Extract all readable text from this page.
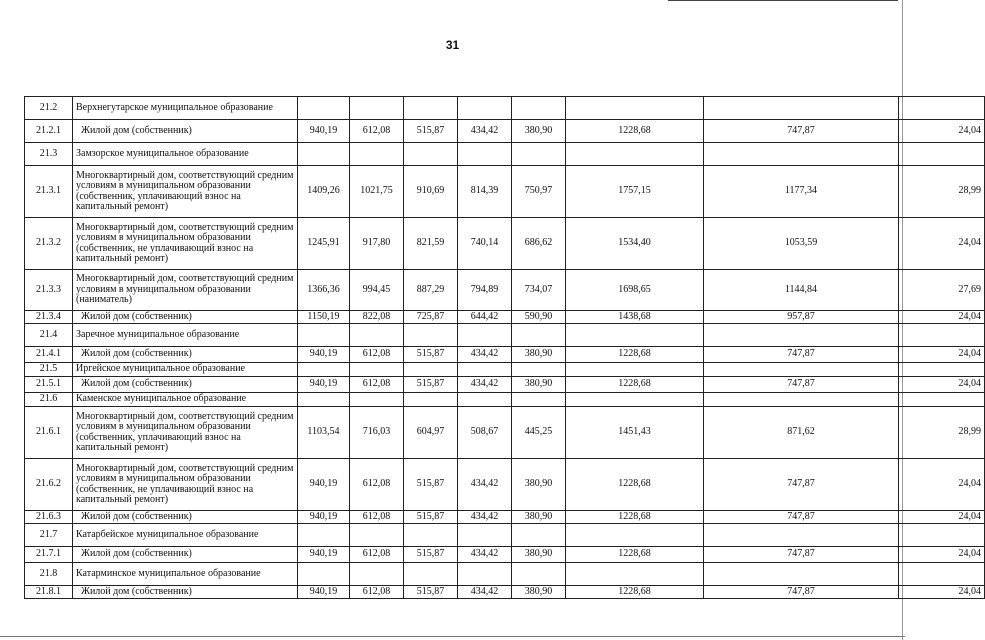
31
21.2	Верхнегутарское муниципальное образование								
21.2.1	Жилой дом (собственник)	940,19	612,08	515,87	434,42	380,90	1228,68	747,87	24,04
21.3	Замзорское муниципальное образование								
21.3.1	Многоквартирный дом, соответствующий средним условиям в муниципальном образовании (собственник, уплачивающий взнос на капитальный ремонт)	1409,26	1021,75	910,69	814,39	750,97	1757,15	1177,34	28,99
21.3.2	Многоквартирный дом, соответствующий средним условиям в муниципальном образовании (собственник, не уплачивающий взнос на капитальный ремонт)	1245,91	917,80	821,59	740,14	686,62	1534,40	1053,59	24,04
21.3.3	Многоквартирный дом, соответствующий средним условиям в муниципальном образовании (наниматель)	1366,36	994,45	887,29	794,89	734,07	1698,65	1144,84	27,69
21.3.4	Жилой дом (собственник)	1150,19	822,08	725,87	644,42	590,90	1438,68	957,87	24,04
21.4	Заречное муниципальное образование								
21.4.1	Жилой дом (собственник)	940,19	612,08	515,87	434,42	380,90	1228,68	747,87	24,04
21.5	Иргейское муниципальное образование								
21.5.1	Жилой дом (собственник)	940,19	612,08	515,87	434,42	380,90	1228,68	747,87	24,04
21.6	Каменское муниципальное образование								
21.6.1	Многоквартирный дом, соответствующий средним условиям в муниципальном образовании (собственник, уплачивающий взнос на капитальный ремонт)	1103,54	716,03	604,97	508,67	445,25	1451,43	871,62	28,99
21.6.2	Многоквартирный дом, соответствующий средним условиям в муниципальном образовании (собственник, не уплачивающий взнос на капитальный ремонт)	940,19	612,08	515,87	434,42	380,90	1228,68	747,87	24,04
21.6.3	Жилой дом (собственник)	940,19	612,08	515,87	434,42	380,90	1228,68	747,87	24,04
21.7	Катарбейское муниципальное образование								
21.7.1	Жилой дом (собственник)	940,19	612,08	515,87	434,42	380,90	1228,68	747,87	24,04
21.8	Катарминское муниципальное образование								
21.8.1	Жилой дом (собственник)	940,19	612,08	515,87	434,42	380,90	1228,68	747,87	24,04
